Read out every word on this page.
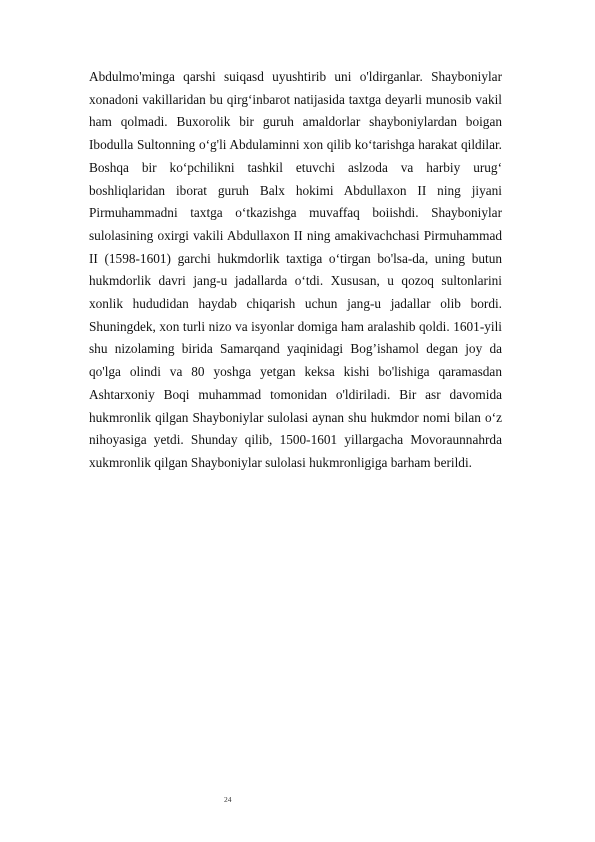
Abdulmo'minga qarshi suiqasd uyushtirib uni o'ldirganlar. Shayboniylar xonadoni vakillaridan bu qirg‘inbarot natijasida taxtga deyarli munosib vakil ham qolmadi. Buxorolik bir guruh amaldorlar shayboniylardan boigan Ibodulla Sultonning o‘g'li Abdulaminni xon qilib ko‘tarishga harakat qildilar. Boshqa bir ko‘pchilikni tashkil etuvchi aslzoda va harbiy urug‘ boshliqlaridan iborat guruh Balx hokimi Abdullaxon II ning jiyani Pirmuhammadni taxtga o‘tkazishga muvaffaq boiishdi. Shayboniylar sulolasining oxirgi vakili Abdullaxon II ning amakivachchasi Pirmuhammad II (1598-1601) garchi hukmdorlik taxtiga o‘tirgan bo'lsa-da, uning butun hukmdorlik davri jang-u jadallarda o‘tdi. Xususan, u qozoq sultonlarini xonlik hududidan haydab chiqarish uchun jang-u jadallar olib bordi. Shuningdek, xon turli nizo va isyonlar domiga ham aralashib qoldi. 1601-yili shu nizolaming birida Samarqand yaqinidagi Bog’ishamol degan joy da qo'lga olindi va 80 yoshga yetgan keksa kishi bo'lishiga qaramasdan Ashtarxoniy Boqi muhammad tomonidan o'ldiriladi. Bir asr davomida hukmronlik qilgan Shayboniylar sulolasi aynan shu hukmdor nomi bilan o‘z nihoyasiga yetdi. Shunday qilib, 1500-1601 yillargacha Movoraunnahrda xukmronlik qilgan Shayboniylar sulolasi hukmronligiga barham berildi.

24
